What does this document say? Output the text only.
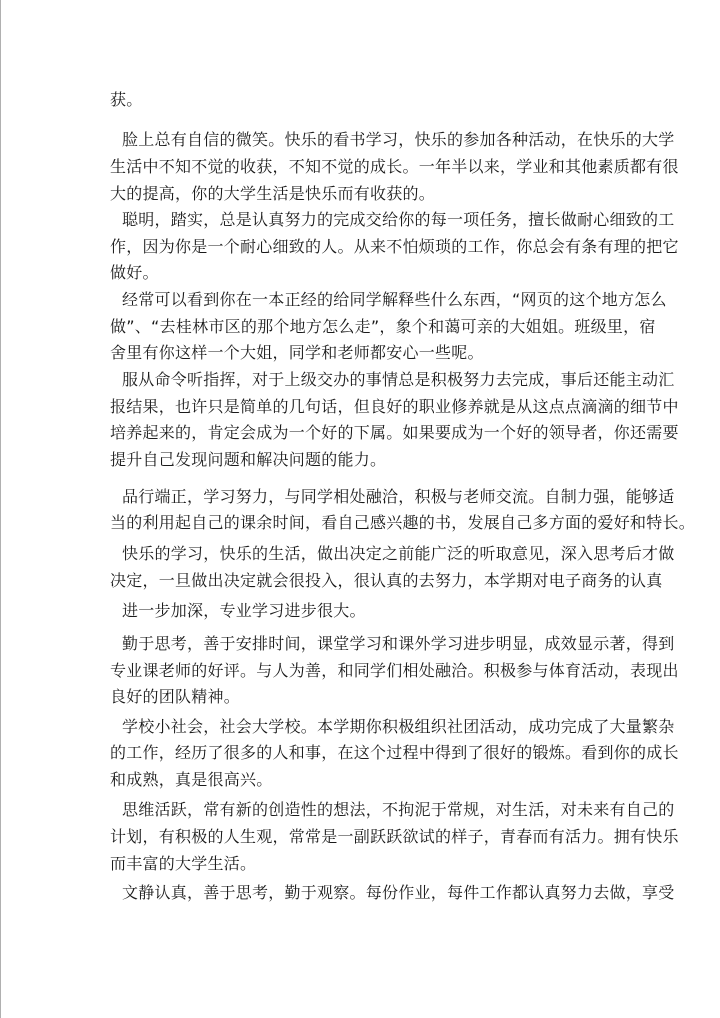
获。
脸上总有自信的微笑。快乐的看书学习，快乐的参加各种活动，在快乐的大学
生活中不知不觉的收获，不知不觉的成长。一年半以来，学业和其他素质都有很
大的提高，你的大学生活是快乐而有收获的。
聪明，踏实，总是认真努力的完成交给你的每一项任务，擅长做耐心细致的工
作，因为你是一个耐心细致的人。从来不怕烦琐的工作，你总会有条有理的把它
做好。
经常可以看到你在一本正经的给同学解释些什么东西，“网页的这个地方怎么
做”、“去桂林市区的那个地方怎么走”，象个和蔼可亲的大姐姐。班级里，宿
舍里有你这样一个大姐，同学和老师都安心一些呢。
服从命令听指挥，对于上级交办的事情总是积极努力去完成，事后还能主动汇
报结果，也许只是简单的几句话，但良好的职业修养就是从这点点滴滴的细节中
培养起来的，肯定会成为一个好的下属。如果要成为一个好的领导者，你还需要
提升自己发现问题和解决问题的能力。
品行端正，学习努力，与同学相处融洽，积极与老师交流。自制力强，能够适
当的利用起自己的课余时间，看自己感兴趣的书，发展自己多方面的爱好和特长。
快乐的学习，快乐的生活，做出决定之前能广泛的听取意见，深入思考后才做
决定，一旦做出决定就会很投入，很认真的去努力，本学期对电子商务的认真
进一步加深，专业学习进步很大。
勤于思考，善于安排时间，课堂学习和课外学习进步明显，成效显示著，得到
专业课老师的好评。与人为善，和同学们相处融洽。积极参与体育活动，表现出
良好的团队精神。
学校小社会，社会大学校。本学期你积极组织社团活动，成功完成了大量繁杂
的工作，经历了很多的人和事，在这个过程中得到了很好的锻炼。看到你的成长
和成熟，真是很高兴。
思维活跃，常有新的创造性的想法，不拘泥于常规，对生活，对未来有自己的
计划，有积极的人生观，常常是一副跃跃欲试的样子，青春而有活力。拥有快乐
而丰富的大学生活。
文静认真，善于思考，勤于观察。每份作业，每件工作都认真努力去做，享受
